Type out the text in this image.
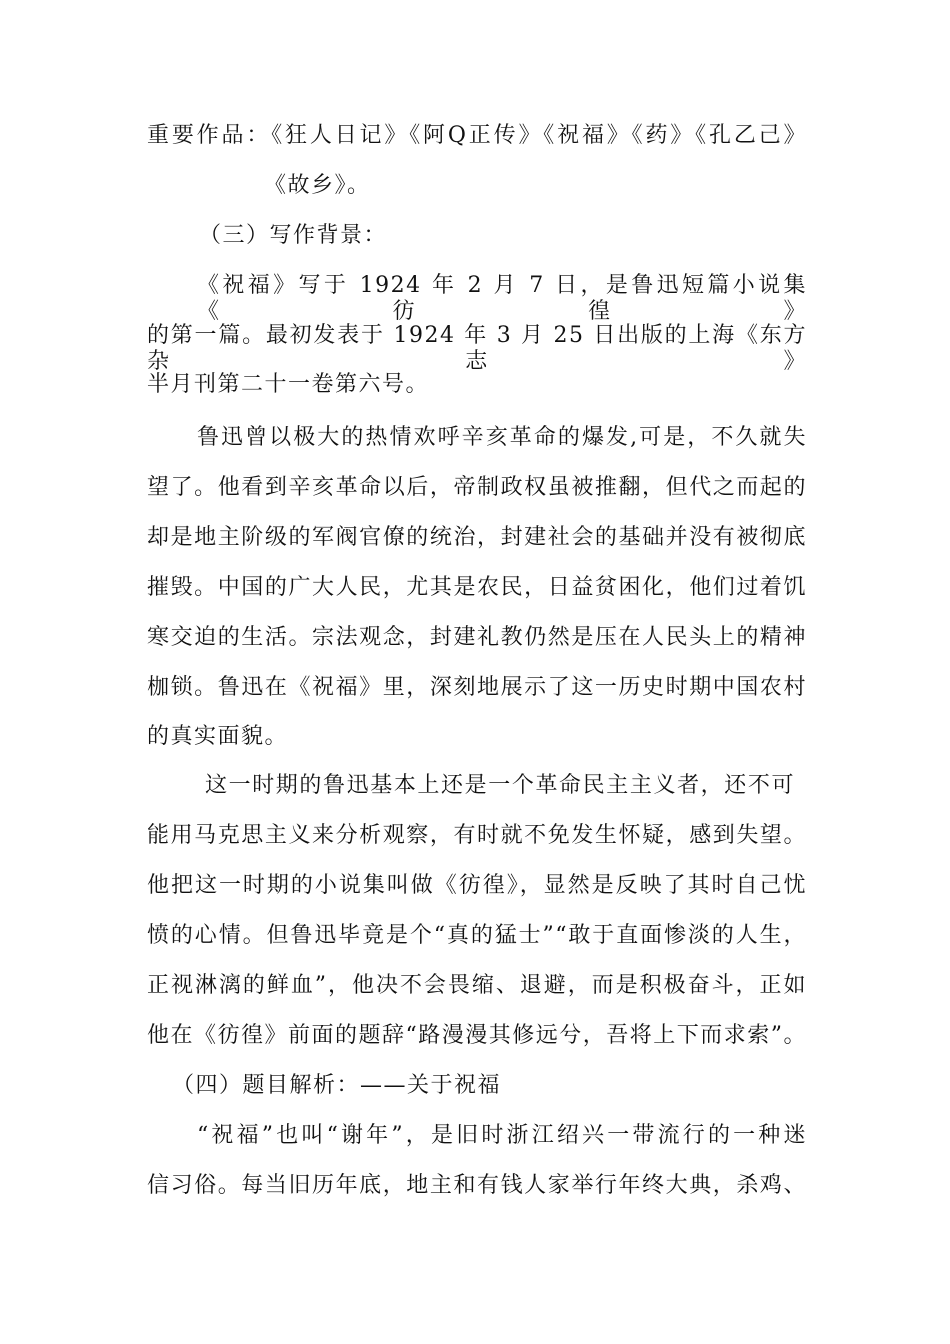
重要作品：《狂人日记》《阿Q正传》《祝福》《药》《孔乙己》
《故乡》。
（三）写作背景：
《祝福》写于 1924 年 2 月 7 日，是鲁迅短篇小说集《彷徨》
的第一篇。最初发表于 1924 年 3 月 25 日出版的上海《东方杂志》
半月刊第二十一卷第六号。
鲁迅曾以极大的热情欢呼辛亥革命的爆发,可是，不久就失
望了。他看到辛亥革命以后，帝制政权虽被推翻，但代之而起的
却是地主阶级的军阀官僚的统治，封建社会的基础并没有被彻底
摧毁。中国的广大人民，尤其是农民，日益贫困化，他们过着饥
寒交迫的生活。宗法观念，封建礼教仍然是压在人民头上的精神
枷锁。鲁迅在《祝福》里，深刻地展示了这一历史时期中国农村
的真实面貌。
这一时期的鲁迅基本上还是一个革命民主主义者，还不可
能用马克思主义来分析观察，有时就不免发生怀疑，感到失望。
他把这一时期的小说集叫做《彷徨》，显然是反映了其时自己忧
愤的心情。但鲁迅毕竟是个“真的猛士”“敢于直面惨淡的人生，
正视淋漓的鲜血”，他决不会畏缩、退避，而是积极奋斗，正如
他在《彷徨》前面的题辞“路漫漫其修远兮，吾将上下而求索”。
（四）题目解析：——关于祝福
“祝福”也叫“谢年”，是旧时浙江绍兴一带流行的一种迷
信习俗。每当旧历年底，地主和有钱人家举行年终大典，杀鸡、
